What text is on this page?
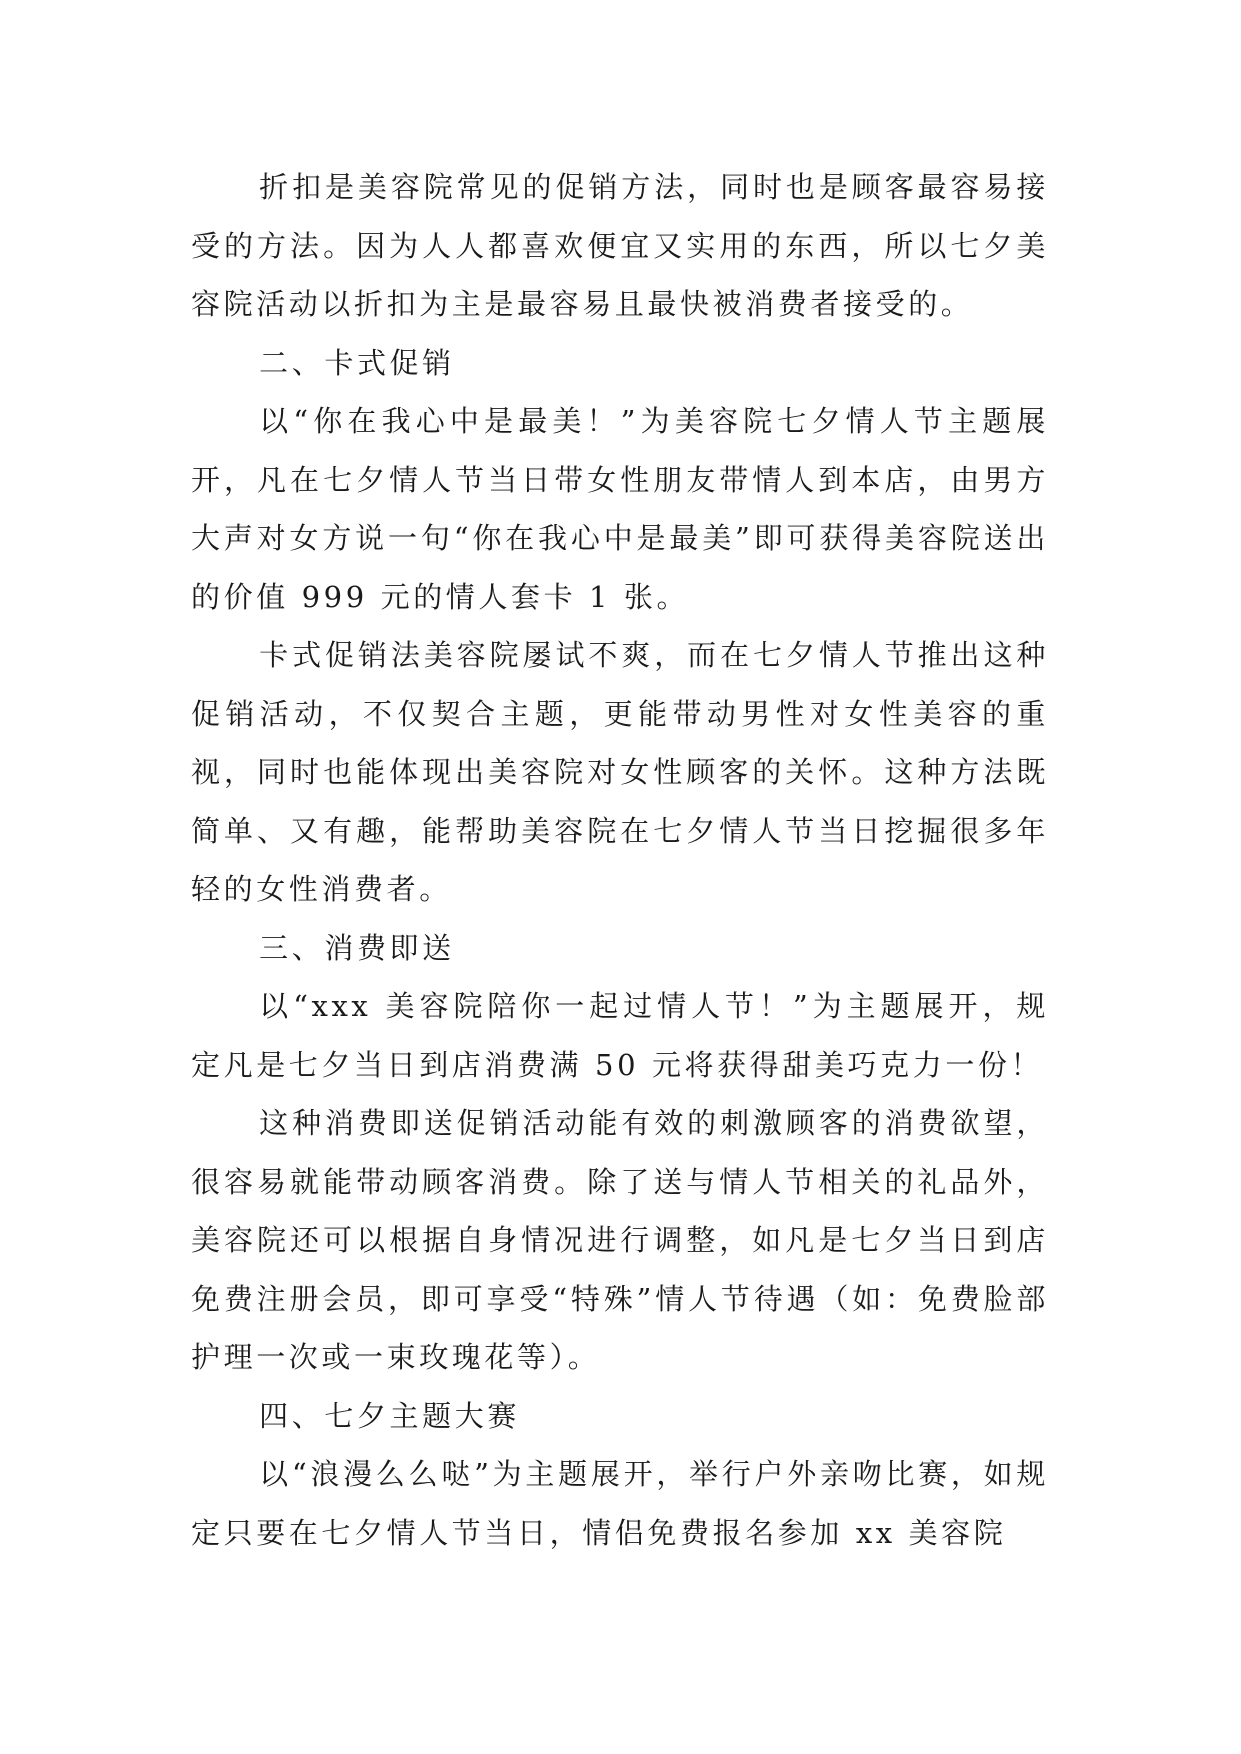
折扣是美容院常见的促销方法，同时也是顾客最容易接受的方法。因为人人都喜欢便宜又实用的东西，所以七夕美容院活动以折扣为主是最容易且最快被消费者接受的。

二、卡式促销

以“你在我心中是最美！”为美容院七夕情人节主题展开，凡在七夕情人节当日带女性朋友带情人到本店，由男方大声对女方说一句“你在我心中是最美”即可获得美容院送出的价值 999 元的情人套卡 1 张。

卡式促销法美容院屡试不爽，而在七夕情人节推出这种促销活动，不仅契合主题，更能带动男性对女性美容的重视，同时也能体现出美容院对女性顾客的关怀。这种方法既简单、又有趣，能帮助美容院在七夕情人节当日挖掘很多年轻的女性消费者。

三、消费即送

以“xxx 美容院陪你一起过情人节！”为主题展开，规定凡是七夕当日到店消费满 50 元将获得甜美巧克力一份！

这种消费即送促销活动能有效的刺激顾客的消费欲望，很容易就能带动顾客消费。除了送与情人节相关的礼品外，美容院还可以根据自身情况进行调整，如凡是七夕当日到店免费注册会员，即可享受“特殊”情人节待遇（如：免费脸部护理一次或一束玫瑰花等）。

四、七夕主题大赛

以“浪漫么么哒”为主题展开，举行户外亲吻比赛，如规定只要在七夕情人节当日，情侣免费报名参加 xx 美容院
